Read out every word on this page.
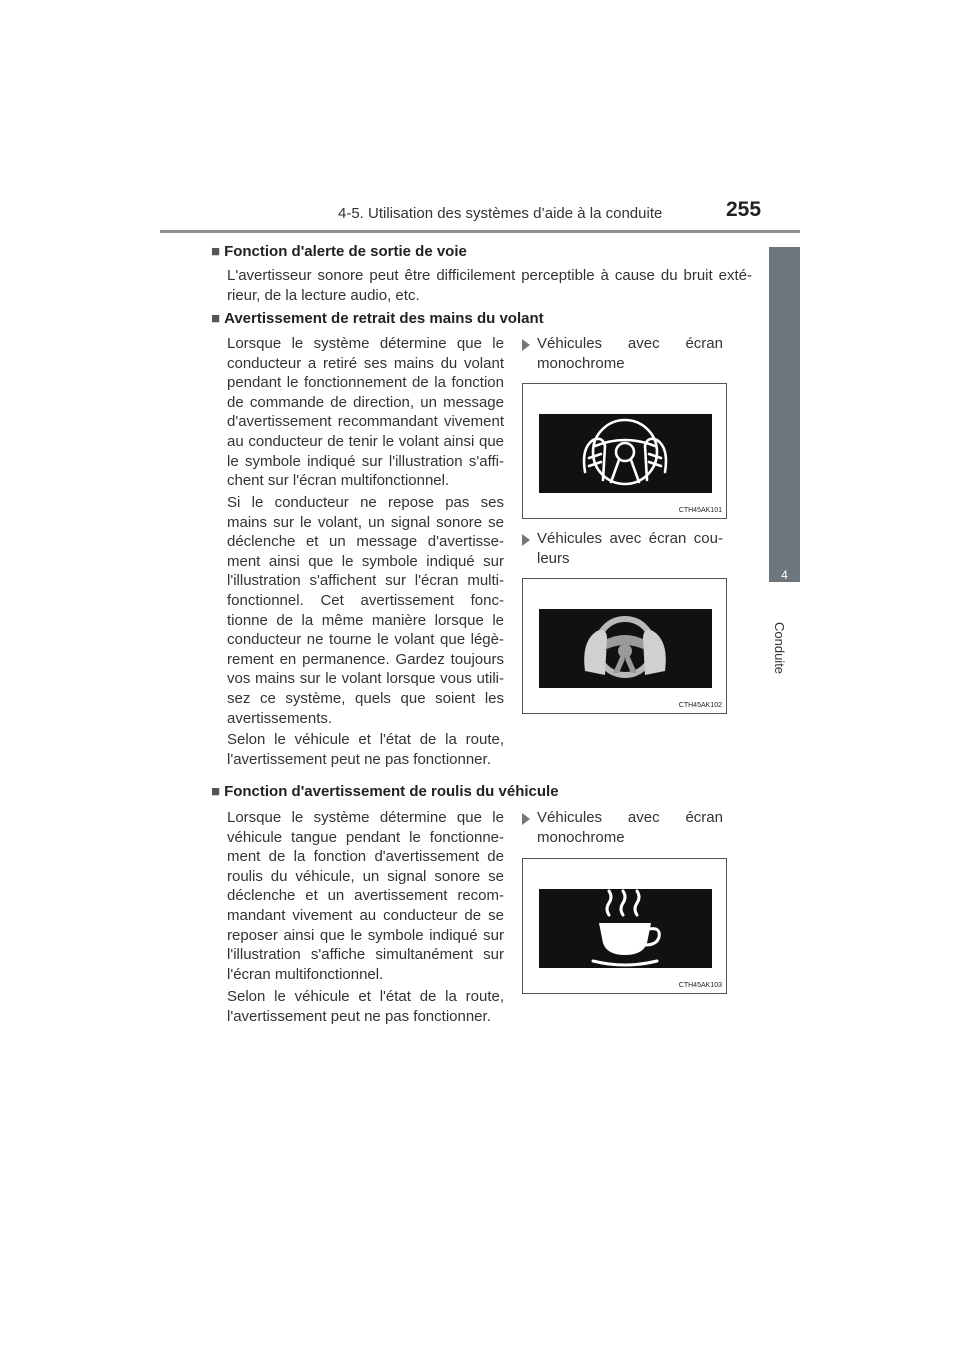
4-5. Utilisation des systèmes d’aide à la conduite	255
4
Conduite
■ Fonction d'alerte de sortie de voie

L'avertisseur sonore peut être difficilement perceptible à cause du bruit exté-rieur, de la lecture audio, etc.

■ Avertissement de retrait des mains du volant

Lorsque le système détermine que le conducteur a retiré ses mains du volant pendant le fonctionnement de la fonction de commande de direction, un message d'avertissement recommandant vivement au conducteur de tenir le volant ainsi que le symbole indiqué sur l'illustration s'affi-chent sur l'écran multifonctionnel.

Si le conducteur ne repose pas ses mains sur le volant, un signal sonore se déclenche et un message d'avertisse-ment ainsi que le symbole indiqué sur l'illustration s'affichent sur l'écran multi-fonctionnel. Cet avertissement fonc-tionne de la même manière lorsque le conducteur ne tourne le volant que légè-rement en permanence. Gardez toujours vos mains sur le volant lorsque vous utili-sez ce système, quels que soient les avertissements.

Selon le véhicule et l'état de la route, l'avertissement peut ne pas fonctionner.

Véhicules avec écran monochrome
CTH45AK101
Véhicules avec écran cou-leurs
CTH45AK102
■ Fonction d'avertissement de roulis du véhicule

Lorsque le système détermine que le véhicule tangue pendant le fonctionne-ment de la fonction d'avertissement de roulis du véhicule, un signal sonore se déclenche et un avertissement recom-mandant vivement au conducteur de se reposer ainsi que le symbole indiqué sur l'illustration s'affiche simultanément sur l'écran multifonctionnel.

Selon le véhicule et l'état de la route, l'avertissement peut ne pas fonctionner.

Véhicules avec écran monochrome
CTH45AK103
